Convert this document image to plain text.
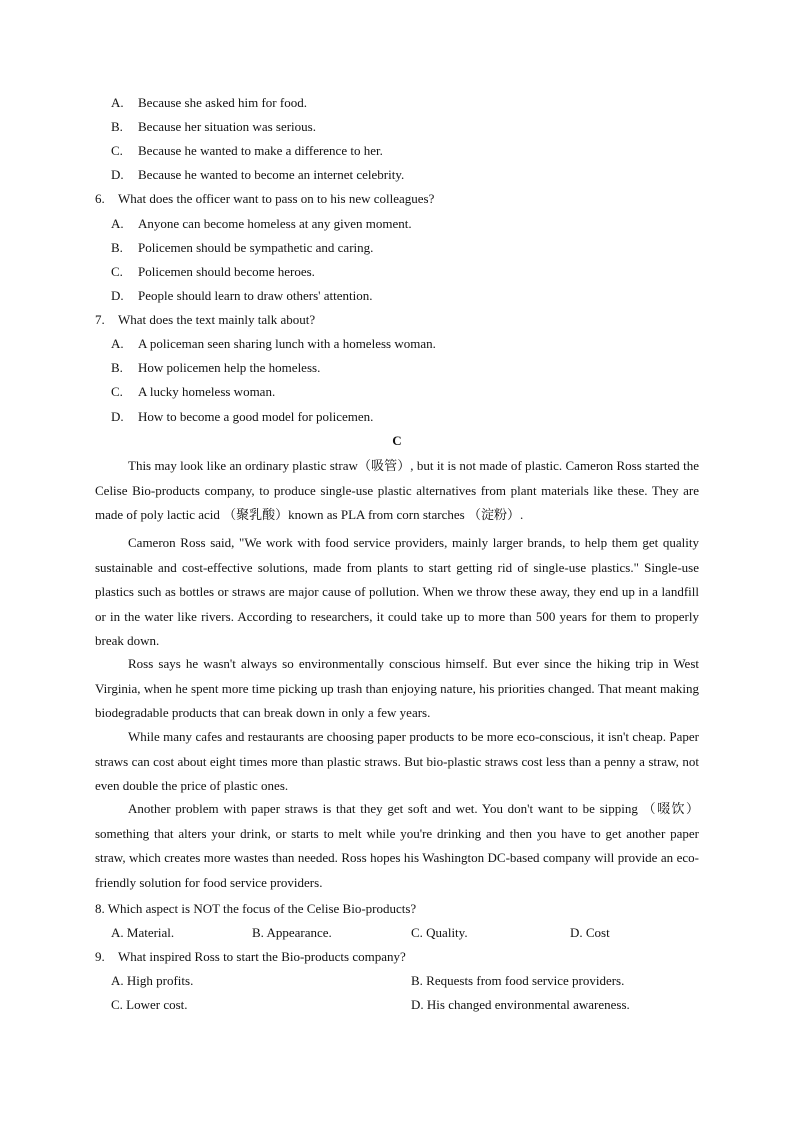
A. Because she asked him for food.
B. Because her situation was serious.
C. Because he wanted to make a difference to her.
D. Because he wanted to become an internet celebrity.
6. What does the officer want to pass on to his new colleagues?
A. Anyone can become homeless at any given moment.
B. Policemen should be sympathetic and caring.
C. Policemen should become heroes.
D. People should learn to draw others' attention.
7. What does the text mainly talk about?
A. A policeman seen sharing lunch with a homeless woman.
B. How policemen help the homeless.
C. A lucky homeless woman.
D. How to become a good model for policemen.
C

This may look like an ordinary plastic straw（吸管）, but it is not made of plastic. Cameron Ross started the Celise Bio-products company, to produce single-use plastic alternatives from plant materials like these. They are made of poly lactic acid （聚乳酸）known as PLA from corn starches （淀粉）.

Cameron Ross said, "We work with food service providers, mainly larger brands, to help them get quality sustainable and cost-effective solutions, made from plants to start getting rid of single-use plastics." Single-use plastics such as bottles or straws are major cause of pollution. When we throw these away, they end up in a landfill or in the water like rivers. According to researchers, it could take up to more than 500 years for them to properly break down.

Ross says he wasn't always so environmentally conscious himself. But ever since the hiking trip in West Virginia, when he spent more time picking up trash than enjoying nature, his priorities changed. That meant making biodegradable products that can break down in only a few years.

While many cafes and restaurants are choosing paper products to be more eco-conscious, it isn't cheap. Paper straws can cost about eight times more than plastic straws. But bio-plastic straws cost less than a penny a straw, not even double the price of plastic ones.

Another problem with paper straws is that they get soft and wet. You don't want to be sipping （啜饮） something that alters your drink, or starts to melt while you're drinking and then you have to get another paper straw, which creates more wastes than needed. Ross hopes his Washington DC-based company will provide an eco-friendly solution for food service providers.

8. Which aspect is NOT the focus of the Celise Bio-products?
A. Material.	B. Appearance.	C. Quality.	D. Cost
9. What inspired Ross to start the Bio-products company?
A. High profits.	B. Requests from food service providers.
C. Lower cost.	D. His changed environmental awareness.
